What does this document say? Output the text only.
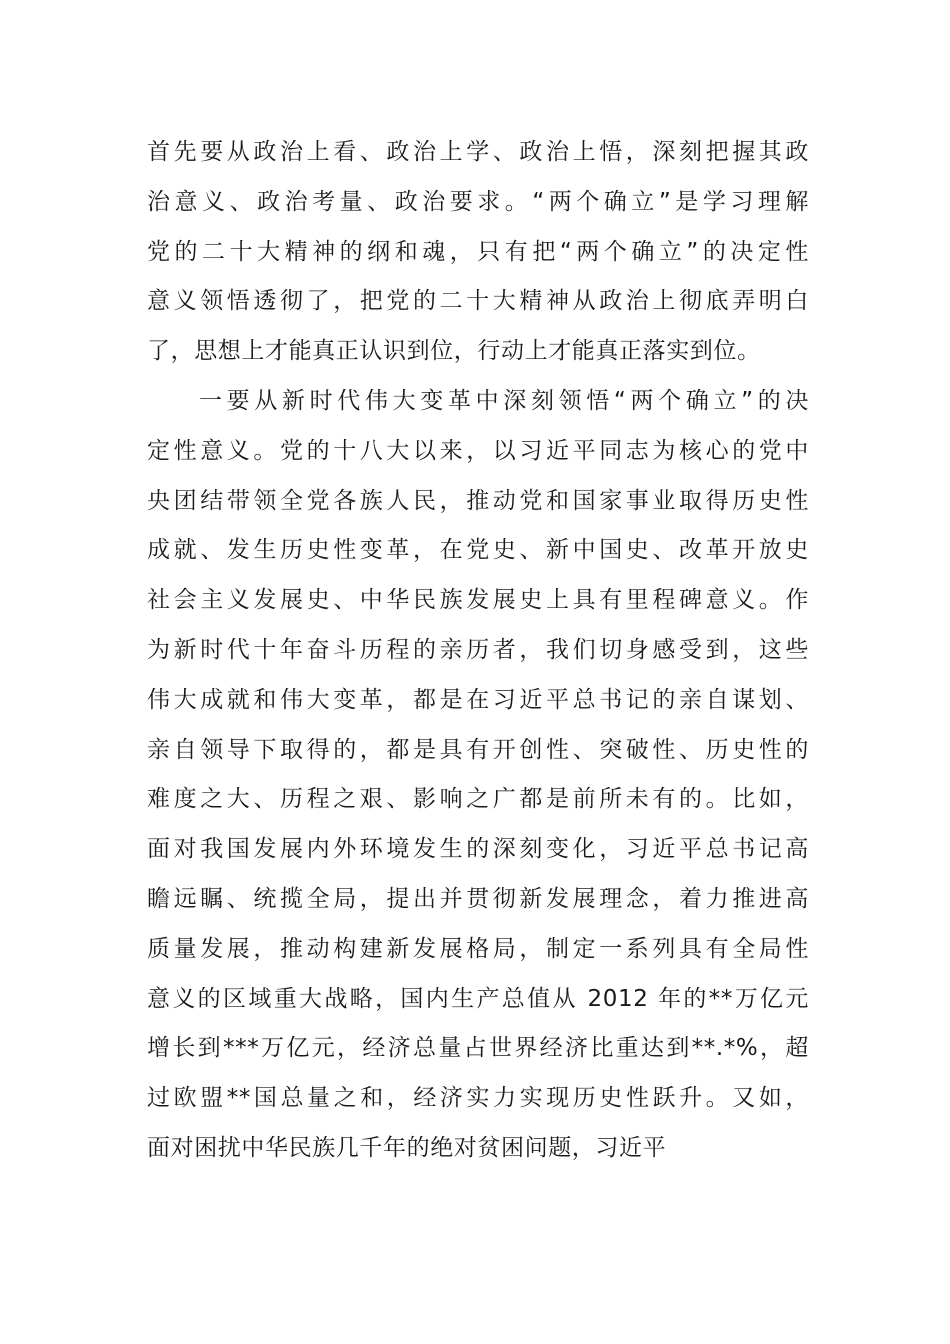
首先要从政治上看、政治上学、政治上悟，深刻把握其政
治意义、政治考量、政治要求。“两个确立”是学习理解
党的二十大精神的纲和魂，只有把“两个确立”的决定性
意义领悟透彻了，把党的二十大精神从政治上彻底弄明白
了，思想上才能真正认识到位，行动上才能真正落实到位。
一要从新时代伟大变革中深刻领悟“两个确立”的决
定性意义。党的十八大以来，以习近平同志为核心的党中
央团结带领全党各族人民，推动党和国家事业取得历史性
成就、发生历史性变革，在党史、新中国史、改革开放史
社会主义发展史、中华民族发展史上具有里程碑意义。作
为新时代十年奋斗历程的亲历者，我们切身感受到，这些
伟大成就和伟大变革，都是在习近平总书记的亲自谋划、
亲自领导下取得的，都是具有开创性、突破性、历史性的
难度之大、历程之艰、影响之广都是前所未有的。比如，
面对我国发展内外环境发生的深刻变化，习近平总书记高
瞻远瞩、统揽全局，提出并贯彻新发展理念，着力推进高
质量发展，推动构建新发展格局，制定一系列具有全局性
意义的区域重大战略，国内生产总值从 2012 年的**万亿元
增长到***万亿元，经济总量占世界经济比重达到**.*%，超
过欧盟**国总量之和，经济实力实现历史性跃升。又如，
面对困扰中华民族几千年的绝对贫困问题，习近平
